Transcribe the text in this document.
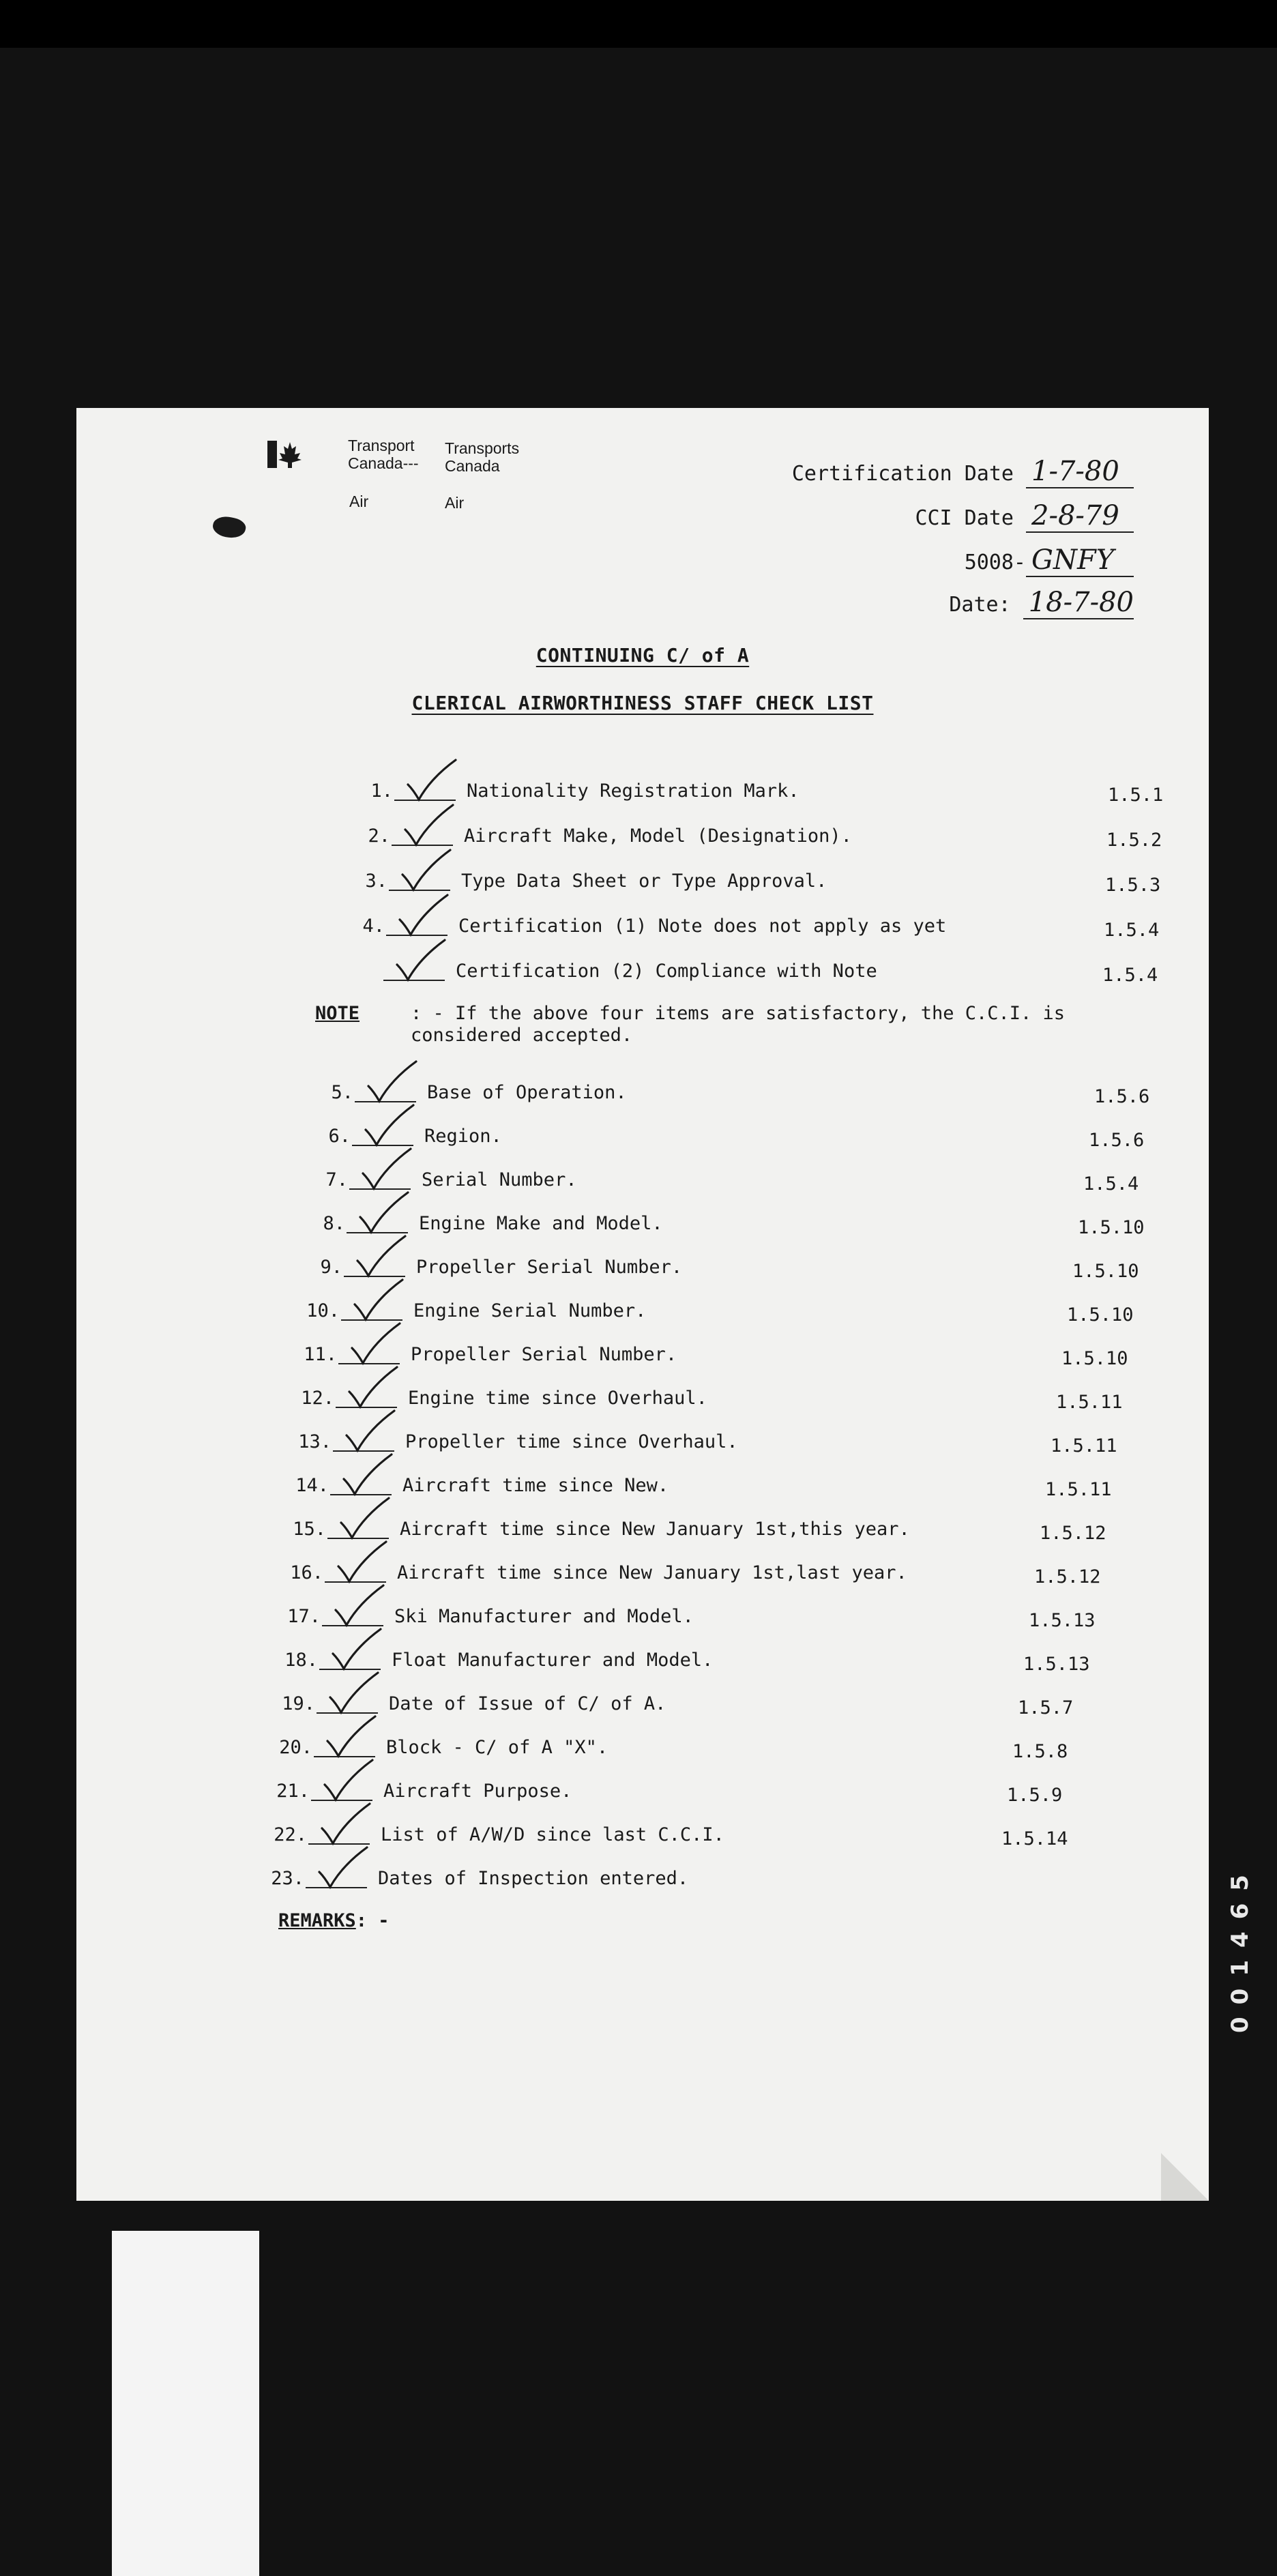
Transport
Canada---
Transports
Canada
Air	Air
Certification Date 1-7-80
CCI Date 2-8-79
5008- GNFY
Date: 18-7-80
CONTINUING C/ of A
CLERICAL AIRWORTHINESS STAFF CHECK LIST
1.	Nationality Registration Mark.	1.5.1
2.	Aircraft Make, Model (Designation).	1.5.2
3.	Type Data Sheet or Type Approval.	1.5.3
4.	Certification (1) Note does not apply as yet	1.5.4
Certification (2) Compliance with Note	1.5.4
NOTE	: - If the above four items are satisfactory, the C.C.I. is
considered accepted.
5.	Base of Operation.	1.5.6
6.	Region.	1.5.6
7.	Serial Number.	1.5.4
8.	Engine Make and Model.	1.5.10
9.	Propeller Serial Number.	1.5.10
10.	Engine Serial Number.	1.5.10
11.	Propeller Serial Number.	1.5.10
12.	Engine time since Overhaul.	1.5.11
13.	Propeller time since Overhaul.	1.5.11
14.	Aircraft time since New.	1.5.11
15.	Aircraft time since New January 1st,this year.	1.5.12
16.	Aircraft time since New January 1st,last year.	1.5.12
17.	Ski Manufacturer and Model.	1.5.13
18.	Float Manufacturer and Model.	1.5.13
19.	Date of Issue of C/ of A.	1.5.7
20.	Block - C/ of A "X".	1.5.8
21.	Aircraft Purpose.	1.5.9
22.	List of A/W/D since last C.C.I.	1.5.14
23.	Dates of Inspection entered.
REMARKS: -	001465
